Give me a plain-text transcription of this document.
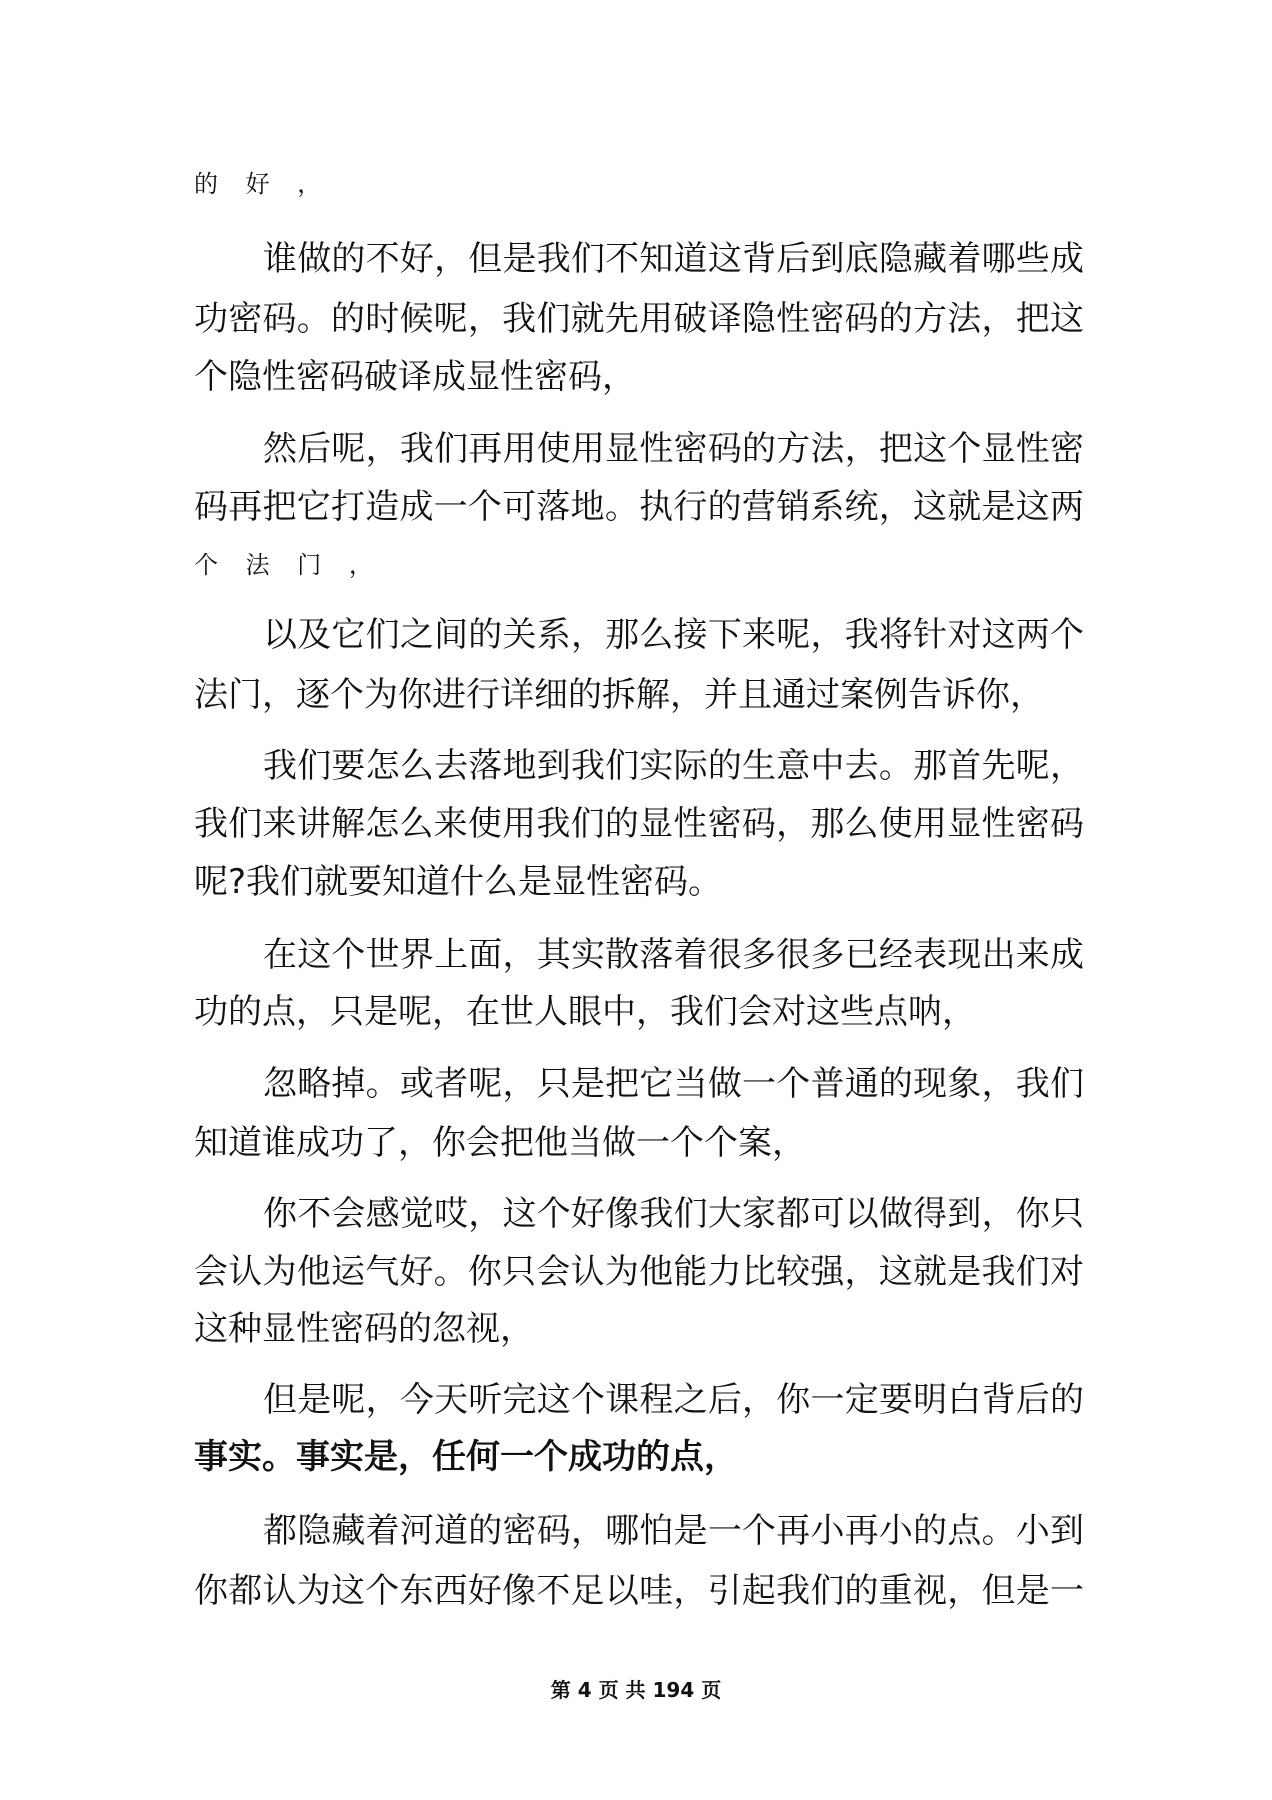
的 好 ，
谁做的不好，但是我们不知道这背后到底隐藏着哪些成
功密码。的时候呢，我们就先用破译隐性密码的方法，把这
个隐性密码破译成显性密码，
然后呢，我们再用使用显性密码的方法，把这个显性密
码再把它打造成一个可落地。执行的营销系统，这就是这两
个 法 门 ，
以及它们之间的关系，那么接下来呢，我将针对这两个
法门，逐个为你进行详细的拆解，并且通过案例告诉你，
我们要怎么去落地到我们实际的生意中去。那首先呢，
我们来讲解怎么来使用我们的显性密码，那么使用显性密码
呢?我们就要知道什么是显性密码。
在这个世界上面，其实散落着很多很多已经表现出来成
功的点，只是呢，在世人眼中，我们会对这些点呐，
忽略掉。或者呢，只是把它当做一个普通的现象，我们
知道谁成功了，你会把他当做一个个案，
你不会感觉哎，这个好像我们大家都可以做得到，你只
会认为他运气好。你只会认为他能力比较强，这就是我们对
这种显性密码的忽视，
但是呢，今天听完这个课程之后，你一定要明白背后的
事实。事实是，任何一个成功的点，
都隐藏着河道的密码，哪怕是一个再小再小的点。小到
你都认为这个东西好像不足以哇，引起我们的重视，但是一
第 4 页 共 194 页
